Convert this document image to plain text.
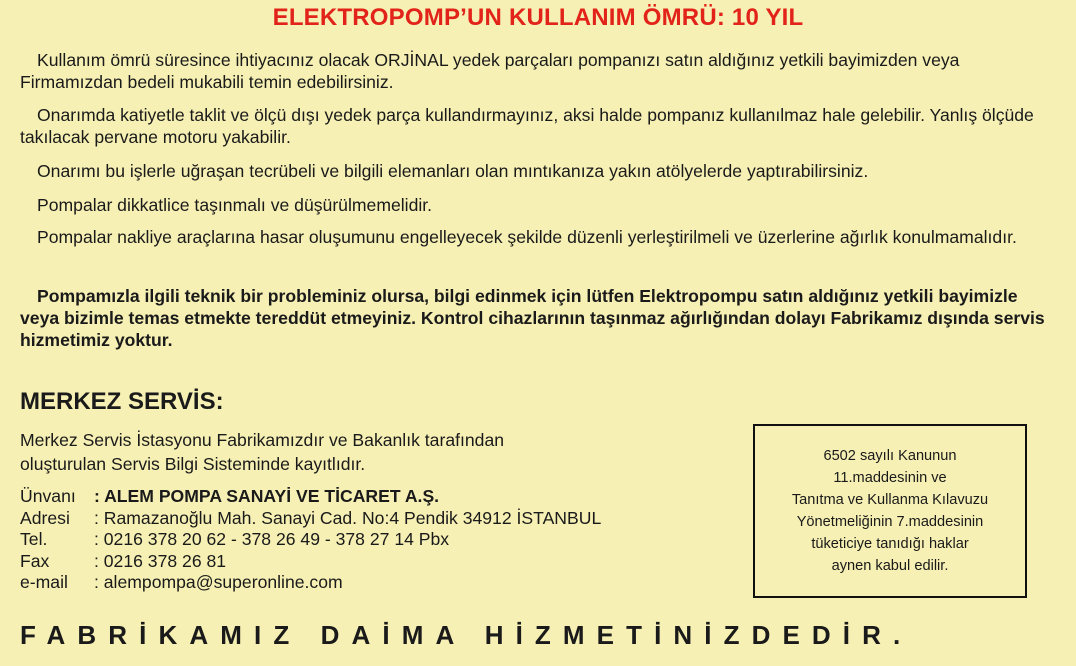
ELEKTROPOMP’UN KULLANIM ÖMRÜ: 10 YIL

Kullanım ömrü süresince ihtiyacınız olacak ORJİNAL yedek parçaları pompanızı satın aldığınız yetkili bayimizden veya Firmamızdan bedeli mukabili temin edebilirsiniz.

Onarımda katiyetle taklit ve ölçü dışı yedek parça kullandırmayınız, aksi halde pompanız kullanılmaz hale gelebilir. Yanlış ölçüde takılacak pervane motoru yakabilir.

Onarımı bu işlerle uğraşan tecrübeli ve bilgili elemanları olan mıntıkanıza yakın atölyelerde yaptırabilirsiniz.

Pompalar dikkatlice taşınmalı ve düşürülmemelidir.

Pompalar nakliye araçlarına hasar oluşumunu engelleyecek şekilde düzenli yerleştirilmeli ve üzerlerine ağırlık konulmamalıdır.

Pompamızla ilgili teknik bir probleminiz olursa, bilgi edinmek için lütfen Elektropompu satın aldığınız yetkili bayimizle veya bizimle temas etmekte tereddüt etmeyiniz. Kontrol cihazlarının taşınmaz ağırlığından dolayı Fabrikamız dışında servis hizmetimiz yoktur.

MERKEZ SERVİS:
Merkez Servis İstasyonu Fabrikamızdır ve Bakanlık tarafından
oluşturulan Servis Bilgi Sisteminde kayıtlıdır.
Ünvanı	: ALEM POMPA SANAYİ VE TİCARET A.Ş.
Adresi	: Ramazanoğlu Mah. Sanayi Cad. No:4 Pendik 34912 İSTANBUL
Tel.	: 0216 378 20 62 - 378 26 49 - 378 27 14 Pbx
Fax	: 0216 378 26 81
e-mail	: alempompa@superonline.com
6502 sayılı Kanunun
11.maddesinin ve
Tanıtma ve Kullanma Kılavuzu
Yönetmeliğinin 7.maddesinin
tüketiciye tanıdığı haklar
aynen kabul edilir.
FABRİKAMIZ DAİMA HİZMETİNİZDEDİR.
